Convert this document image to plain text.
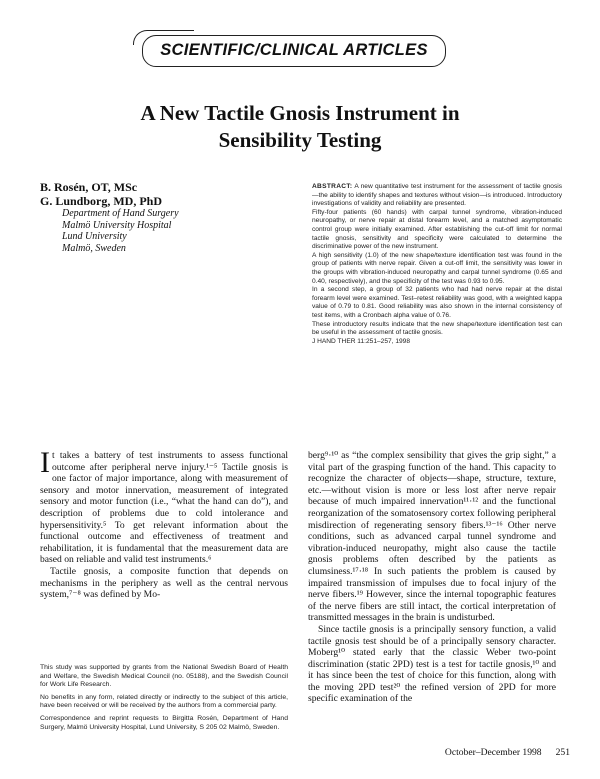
SCIENTIFIC/CLINICAL ARTICLES
A New Tactile Gnosis Instrument in
Sensibility Testing
B. Rosén, OT, MSc
G. Lundborg, MD, PhD
Department of Hand Surgery
Malmö University Hospital
Lund University
Malmö, Sweden

ABSTRACT: A new quantitative test instrument for the assessment of tactile gnosis—the ability to identify shapes and textures without vision—is introduced. Introductory investigations of validity and reliability are presented.

Fifty-four patients (60 hands) with carpal tunnel syndrome, vibration-induced neuropathy, or nerve repair at distal forearm level, and a matched asymptomatic control group were initially examined. After establishing the cut-off limit for normal tactile gnosis, sensitivity and specificity were calculated to determine the discriminative power of the new instrument.

A high sensitivity (1.0) of the new shape/texture identification test was found in the group of patients with nerve repair. Given a cut-off limit, the sensitivity was lower in the groups with vibration-induced neuropathy and carpal tunnel syndrome (0.65 and 0.40, respectively), and the specificity of the test was 0.93 to 0.95.

In a second step, a group of 32 patients who had had nerve repair at the distal forearm level were examined. Test–retest reliability was good, with a weighted kappa value of 0.79 to 0.81. Good reliability was also shown in the internal consistency of test items, with a Cronbach alpha value of 0.76.

These introductory results indicate that the new shape/texture identification test can be useful in the assessment of tactile gnosis.

J HAND THER 11:251–257, 1998

It takes a battery of test instruments to assess functional outcome after peripheral nerve injury.¹⁻⁵ Tactile gnosis is one factor of major importance, along with measurement of sensory and motor innervation, measurement of integrated sensory and motor function (i.e., “what the hand can do”), and description of problems due to cold intolerance and hypersensitivity.⁵ To get relevant information about the functional outcome and effectiveness of treatment and rehabilitation, it is fundamental that the measurement data are based on reliable and valid test instruments.⁶

Tactile gnosis, a composite function that depends on mechanisms in the periphery as well as the central nervous system,⁷⁻⁸ was defined by Mo-

This study was supported by grants from the National Swedish Board of Health and Welfare, the Swedish Medical Council (no. 05188), and the Swedish Council for Work Life Research.

No benefits in any form, related directly or indirectly to the subject of this article, have been received or will be received by the authors from a commercial party.

Correspondence and reprint requests to Birgitta Rosén, Department of Hand Surgery, Malmö University Hospital, Lund University, S 205 02 Malmö, Sweden.

berg⁹·¹⁰ as “the complex sensibility that gives the grip sight,” a vital part of the grasping function of the hand. This capacity to recognize the character of objects—shape, structure, texture, etc.—without vision is more or less lost after nerve repair because of much impaired innervation¹¹·¹² and the functional reorganization of the somatosensory cortex following peripheral misdirection of regenerating sensory fibers.¹³⁻¹⁶ Other nerve conditions, such as advanced carpal tunnel syndrome and vibration-induced neuropathy, might also cause the tactile gnosis problems often described by the patients as clumsiness.¹⁷·¹⁸ In such patients the problem is caused by impaired transmission of impulses due to focal injury of the nerve fibers.¹⁹ However, since the internal topographic features of the nerve fibers are still intact, the cortical interpretation of transmitted messages in the brain is undisturbed.

Since tactile gnosis is a principally sensory function, a valid tactile gnosis test should be of a principally sensory character. Moberg¹⁰ stated early that the classic Weber two-point discrimination (static 2PD) test is a test for tactile gnosis,¹⁰ and it has since been the test of choice for this function, along with the moving 2PD test²⁰ the refined version of 2PD for more specific examination of the

October–December 1998 251
